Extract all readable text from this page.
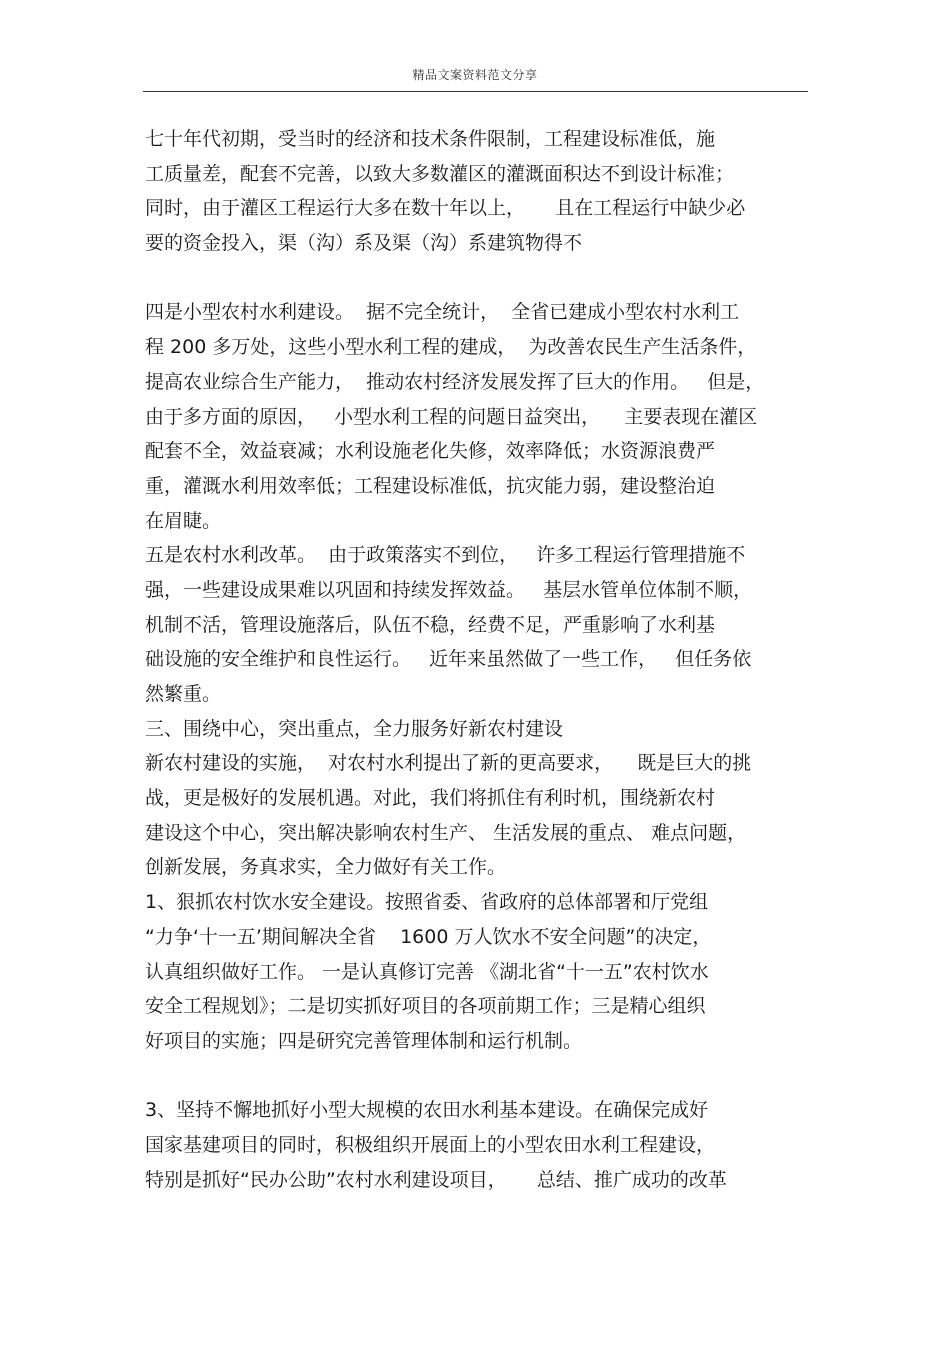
精品文案资料范文分享
七十年代初期，受当时的经济和技术条件限制，工程建设标准低，施
工质量差，配套不完善，以致大多数灌区的灌溉面积达不到设计标准；
同时，由于灌区工程运行大多在数十年以上，     且在工程运行中缺少必
要的资金投入，渠（沟）系及渠（沟）系建筑物得不
四是小型农村水利建设。  据不完全统计，  全省已建成小型农村水利工
程 200 多万处，这些小型水利工程的建成，  为改善农民生产生活条件，
提高农业综合生产能力，  推动农村经济发展发挥了巨大的作用。   但是，
由于多方面的原因，   小型水利工程的问题日益突出，    主要表现在灌区
配套不全，效益衰减；水利设施老化失修，效率降低；水资源浪费严
重，灌溉水利用效率低；工程建设标准低，抗灾能力弱，建设整治迫
在眉睫。
五是农村水利改革。  由于政策落实不到位，   许多工程运行管理措施不
强，一些建设成果难以巩固和持续发挥效益。   基层水管单位体制不顺，
机制不活，管理设施落后，队伍不稳，经费不足，严重影响了水利基
础设施的安全维护和良性运行。   近年来虽然做了一些工作，   但任务依
然繁重。
三、围绕中心，突出重点，全力服务好新农村建设
新农村建设的实施，  对农村水利提出了新的更高要求，    既是巨大的挑
战，更是极好的发展机遇。对此，我们将抓住有利时机，围绕新农村
建设这个中心，突出解决影响农村生产、 生活发展的重点、 难点问题，
创新发展，务真求实，全力做好有关工作。
1、狠抓农村饮水安全建设。按照省委、省政府的总体部署和厅党组
“力争‘十一五’期间解决全省    1600 万人饮水不安全问题”的决定，
认真组织做好工作。 一是认真修订完善 《湖北省“十一五”农村饮水
安全工程规划》；二是切实抓好项目的各项前期工作；三是精心组织
好项目的实施；四是研究完善管理体制和运行机制。
3、坚持不懈地抓好小型大规模的农田水利基本建设。在确保完成好
国家基建项目的同时，积极组织开展面上的小型农田水利工程建设，
特别是抓好“民办公助”农村水利建设项目，     总结、推广成功的改革
